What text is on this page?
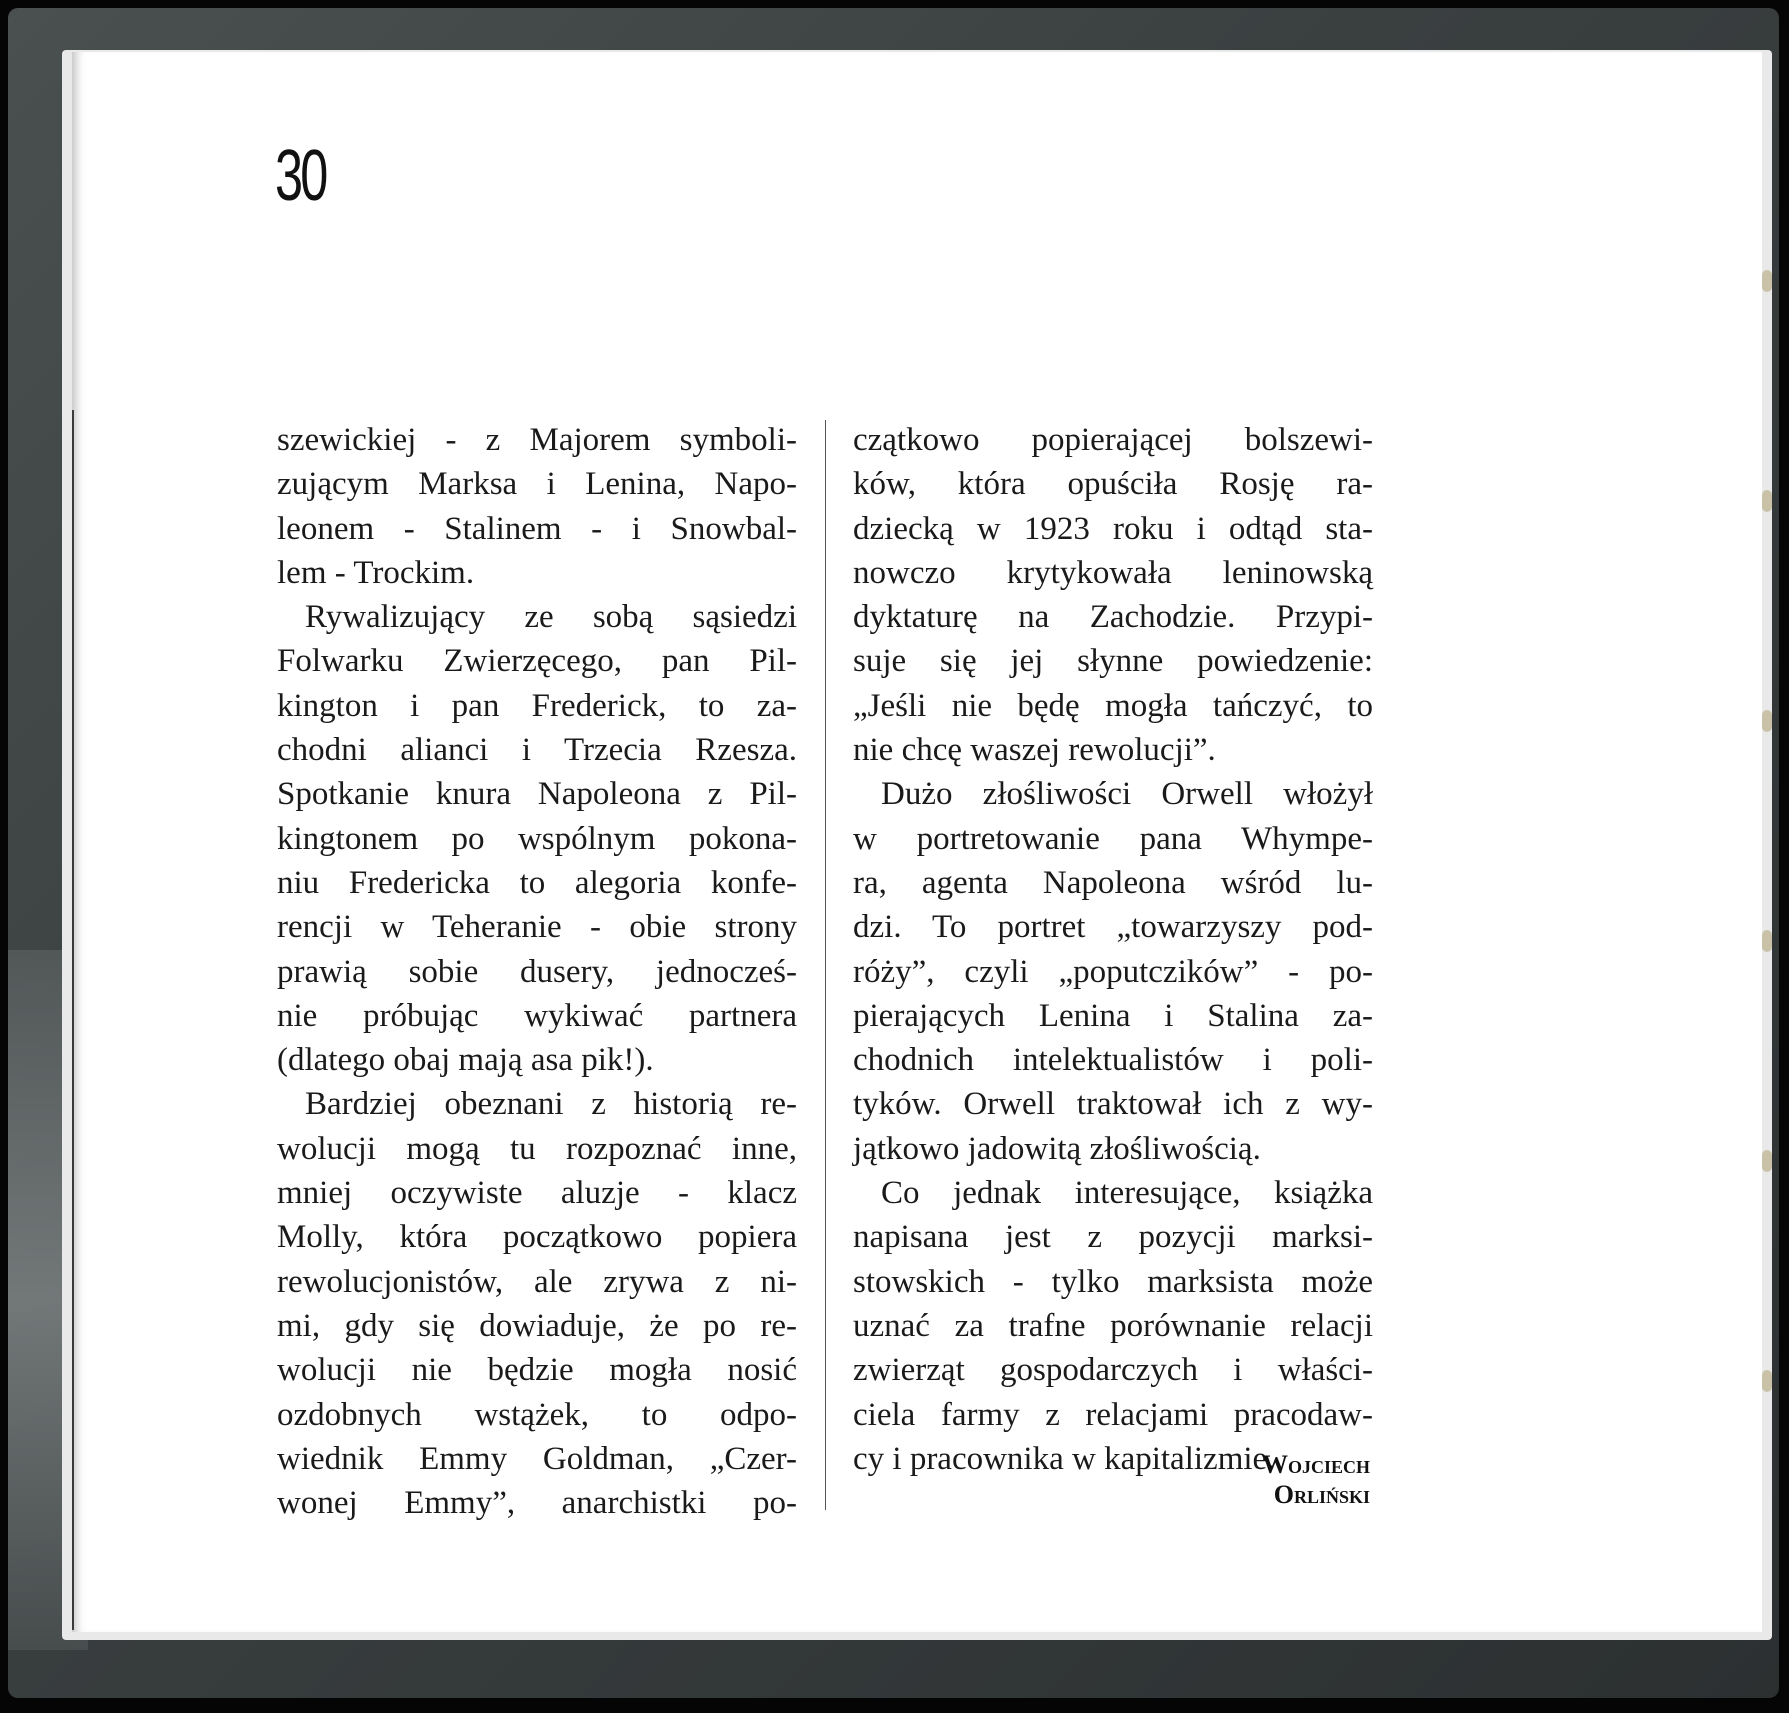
30
szewickiej - z Majorem symboli-
zującym Marksa i Lenina, Napo-
leonem - Stalinem - i Snowbal-
lem - Trockim.
Rywalizujący ze sobą sąsiedzi
Folwarku Zwierzęcego, pan Pil-
kington i pan Frederick, to za-
chodni alianci i Trzecia Rzesza.
Spotkanie knura Napoleona z Pil-
kingtonem po wspólnym pokona-
niu Fredericka to alegoria konfe-
rencji w Teheranie - obie strony
prawią sobie dusery, jednocześ-
nie próbując wykiwać partnera
(dlatego obaj mają asa pik!).
Bardziej obeznani z historią re-
wolucji mogą tu rozpoznać inne,
mniej oczywiste aluzje - klacz
Molly, która początkowo popiera
rewolucjonistów, ale zrywa z ni-
mi, gdy się dowiaduje, że po re-
wolucji nie będzie mogła nosić
ozdobnych wstążek, to odpo-
wiednik Emmy Goldman, „Czer-
wonej Emmy”, anarchistki po-
czątkowo popierającej bolszewi-
ków, która opuściła Rosję ra-
dziecką w 1923 roku i odtąd sta-
nowczo krytykowała leninowską
dyktaturę na Zachodzie. Przypi-
suje się jej słynne powiedzenie:
„Jeśli nie będę mogła tańczyć, to
nie chcę waszej rewolucji”.
Dużo złośliwości Orwell włożył
w portretowanie pana Whympe-
ra, agenta Napoleona wśród lu-
dzi. To portret „towarzyszy pod-
róży”, czyli „poputczików” - po-
pierających Lenina i Stalina za-
chodnich intelektualistów i poli-
tyków. Orwell traktował ich z wy-
jątkowo jadowitą złośliwością.
Co jednak interesujące, książka
napisana jest z pozycji marksi-
stowskich - tylko marksista może
uznać za trafne porównanie relacji
zwierząt gospodarczych i właści-
ciela farmy z relacjami pracodaw-
cy i pracownika w kapitalizmie.
Wojciech Orliński
